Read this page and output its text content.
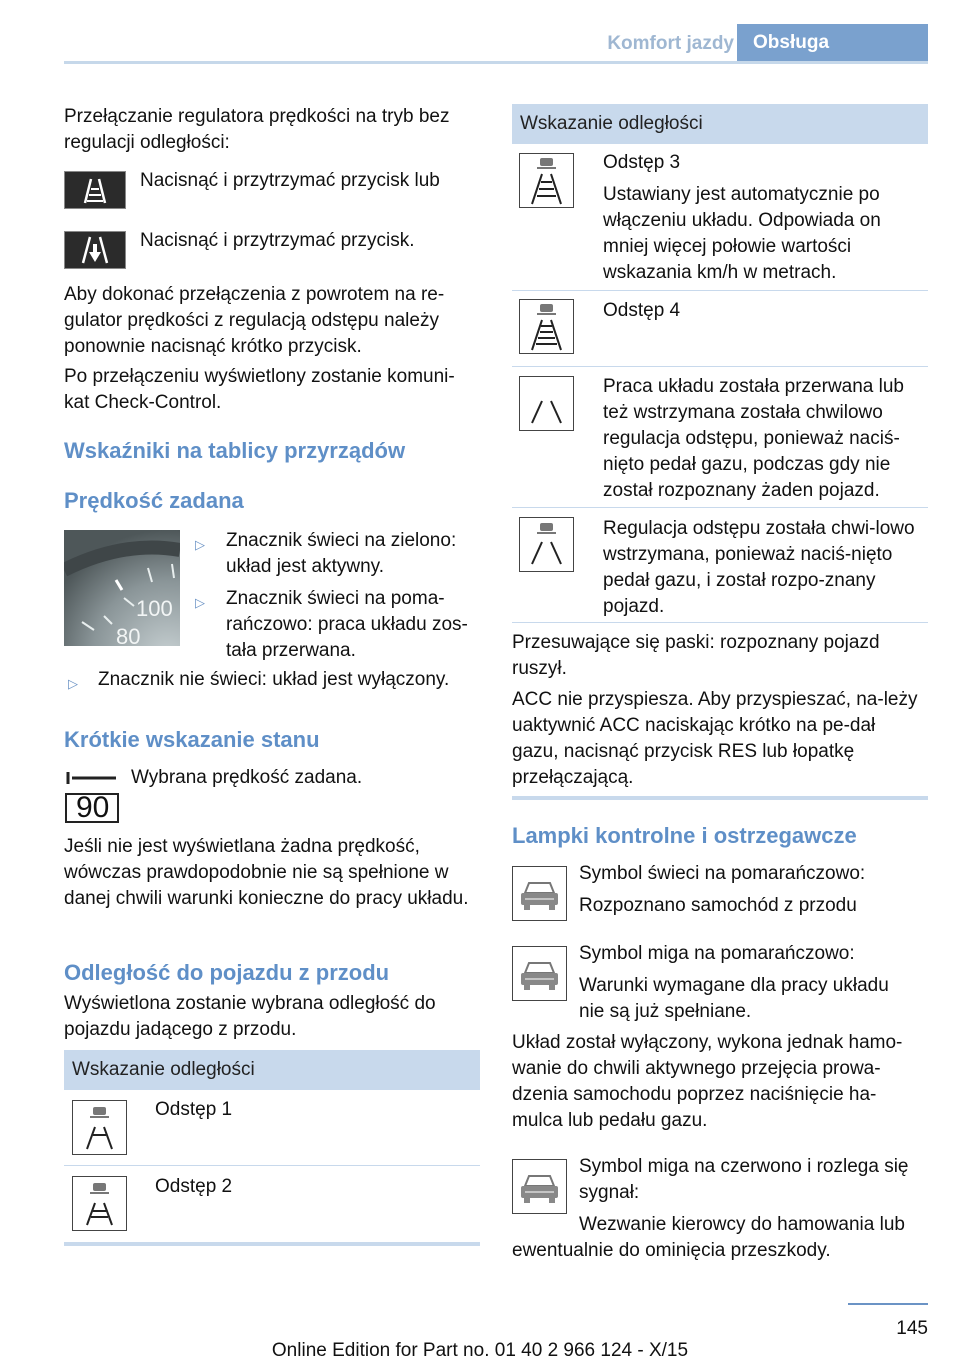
Komfort jazdy	Obsługa

Przełączanie regulatora prędkości na tryb bez regulacji odległości:

Nacisnąć i przytrzymać przycisk lub

Nacisnąć i przytrzymać przycisk.

Aby dokonać przełączenia z powrotem na re-gulator prędkości z regulacją odstępu należy ponownie nacisnąć krótko przycisk.

Po przełączeniu wyświetlony zostanie komuni-kat Check-Control.

Wskaźniki na tablicy przyrządów
Prędkość zadana
100
80
▷ Znacznik świeci na zielono: układ jest aktywny.

▷ Znacznik świeci na poma-rańczowo: praca układu zos-tała przerwana.

▷ Znacznik nie świeci: układ jest wyłączony.

Krótkie wskazanie stanu
90

Wybrana prędkość zadana.

Jeśli nie jest wyświetlana żadna prędkość, wówczas prawdopodobnie nie są spełnione w danej chwili warunki konieczne do pracy układu.

Odległość do pojazdu z przodu

Wyświetlona zostanie wybrana odległość do pojazdu jadącego z przodu.

Wskazanie odległości

Odstęp 1

Odstęp 2

Wskazanie odległości

Odstęp 3

Ustawiany jest automatycznie po włączeniu układu. Odpowiada on mniej więcej połowie wartości wskazania km/h w metrach.

Odstęp 4

Praca układu została przerwana lub też wstrzymana została chwilowo regulacja odstępu, ponieważ naciś-nięto pedał gazu, podczas gdy nie został rozpoznany żaden pojazd.

Regulacja odstępu została chwi-lowo wstrzymana, ponieważ naciś-nięto pedał gazu, i został rozpo-znany pojazd.

Przesuwające się paski: rozpoznany pojazd ruszył.

ACC nie przyspiesza. Aby przyspieszać, na-leży uaktywnić ACC naciskając krótko na pe-dał gazu, nacisnąć przycisk RES lub łopatkę przełączającą.

Lampki kontrolne i ostrzegawcze

Symbol świeci na pomarańczowo:

Rozpoznano samochód z przodu

Symbol miga na pomarańczowo:

Warunki wymagane dla pracy układu nie są już spełniane.

Układ został wyłączony, wykona jednak hamo-wanie do chwili aktywnego przejęcia prowa-dzenia samochodu poprzez naciśnięcie ha-mulca lub pedału gazu.

Symbol miga na czerwono i rozlega się sygnał:

Wezwanie kierowcy do hamowania lub ewentualnie do ominięcia przeszkody.

145
Online Edition for Part no. 01 40 2 966 124 - X/15
